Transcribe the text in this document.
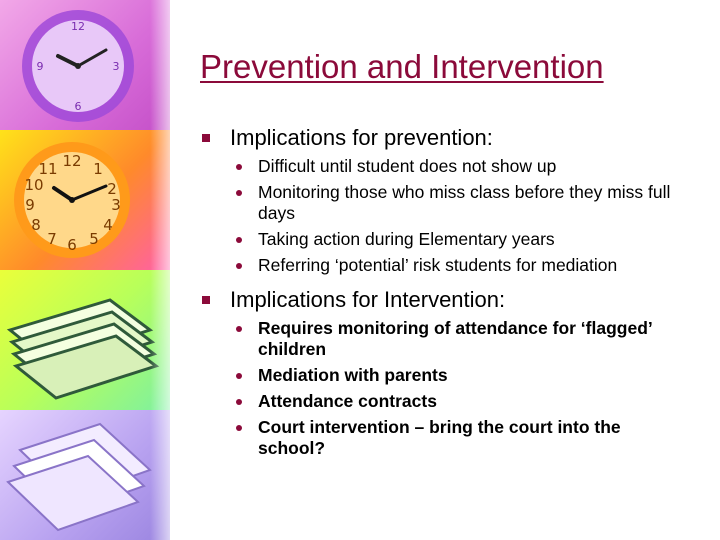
12
3
6
9
12 1
2
3
4
5
6
7
8
9
10
11
Prevention and Intervention
Implications for prevention:
Difficult until student does not show up
Monitoring those who miss class before they miss full days
Taking action during Elementary years
Referring ‘potential’ risk students for mediation
Implications for Intervention:
Requires monitoring of attendance for ‘flagged’ children
Mediation with parents
Attendance contracts
Court intervention – bring the court into the school?
